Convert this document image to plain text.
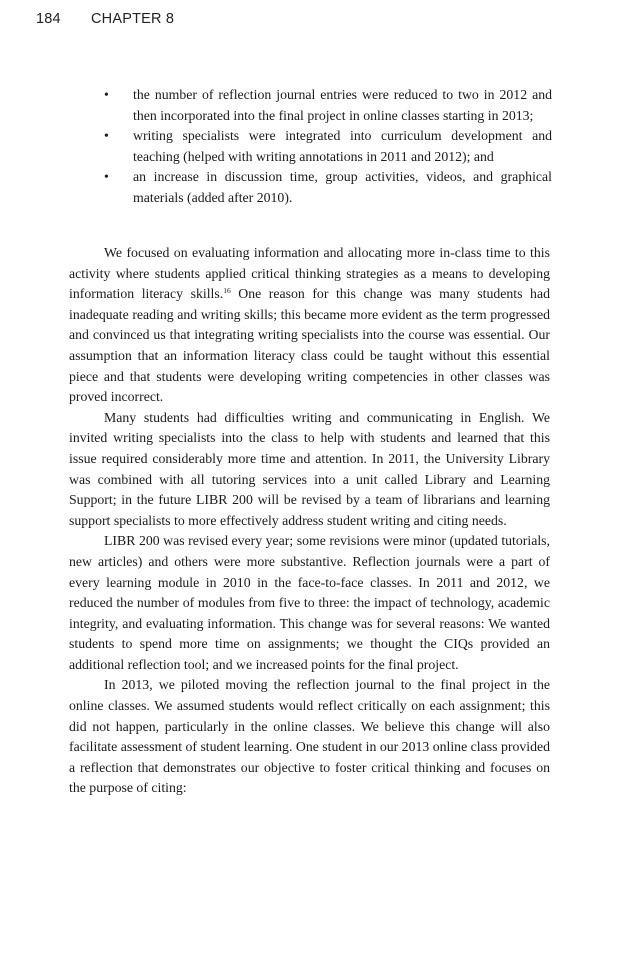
184 CHAPTER 8
• the number of reflection journal entries were reduced to two in 2012 and then incorporated into the final project in online classes starting in 2013;
• writing specialists were integrated into curriculum development and teaching (helped with writing annotations in 2011 and 2012); and
• an increase in discussion time, group activities, videos, and graphical materials (added after 2010).

We focused on evaluating information and allocating more in-class time to this activity where students applied critical thinking strategies as a means to developing information literacy skills.$^{16}$ One reason for this change was many students had inadequate reading and writing skills; this became more evident as the term progressed and convinced us that integrating writing specialists into the course was essential. Our assumption that an information literacy class could be taught without this essential piece and that students were developing writing competencies in other classes was proved incorrect.

Many students had difficulties writing and communicating in English. We invited writing specialists into the class to help with students and learned that this issue required considerably more time and attention. In 2011, the University Library was combined with all tutoring services into a unit called Library and Learning Support; in the future LIBR 200 will be revised by a team of librarians and learning support specialists to more effectively address student writing and citing needs.

LIBR 200 was revised every year; some revisions were minor (updated tutorials, new articles) and others were more substantive. Reflection journals were a part of every learning module in 2010 in the face-to-face classes. In 2011 and 2012, we reduced the number of modules from five to three: the impact of technology, academic integrity, and evaluating information. This change was for several reasons: We wanted students to spend more time on assignments; we thought the CIQs provided an additional reflection tool; and we increased points for the final project.

In 2013, we piloted moving the reflection journal to the final project in the online classes. We assumed students would reflect critically on each assignment; this did not happen, particularly in the online classes. We believe this change will also facilitate assessment of student learning. One student in our 2013 online class provided a reflection that demonstrates our objective to foster critical thinking and focuses on the purpose of citing:
